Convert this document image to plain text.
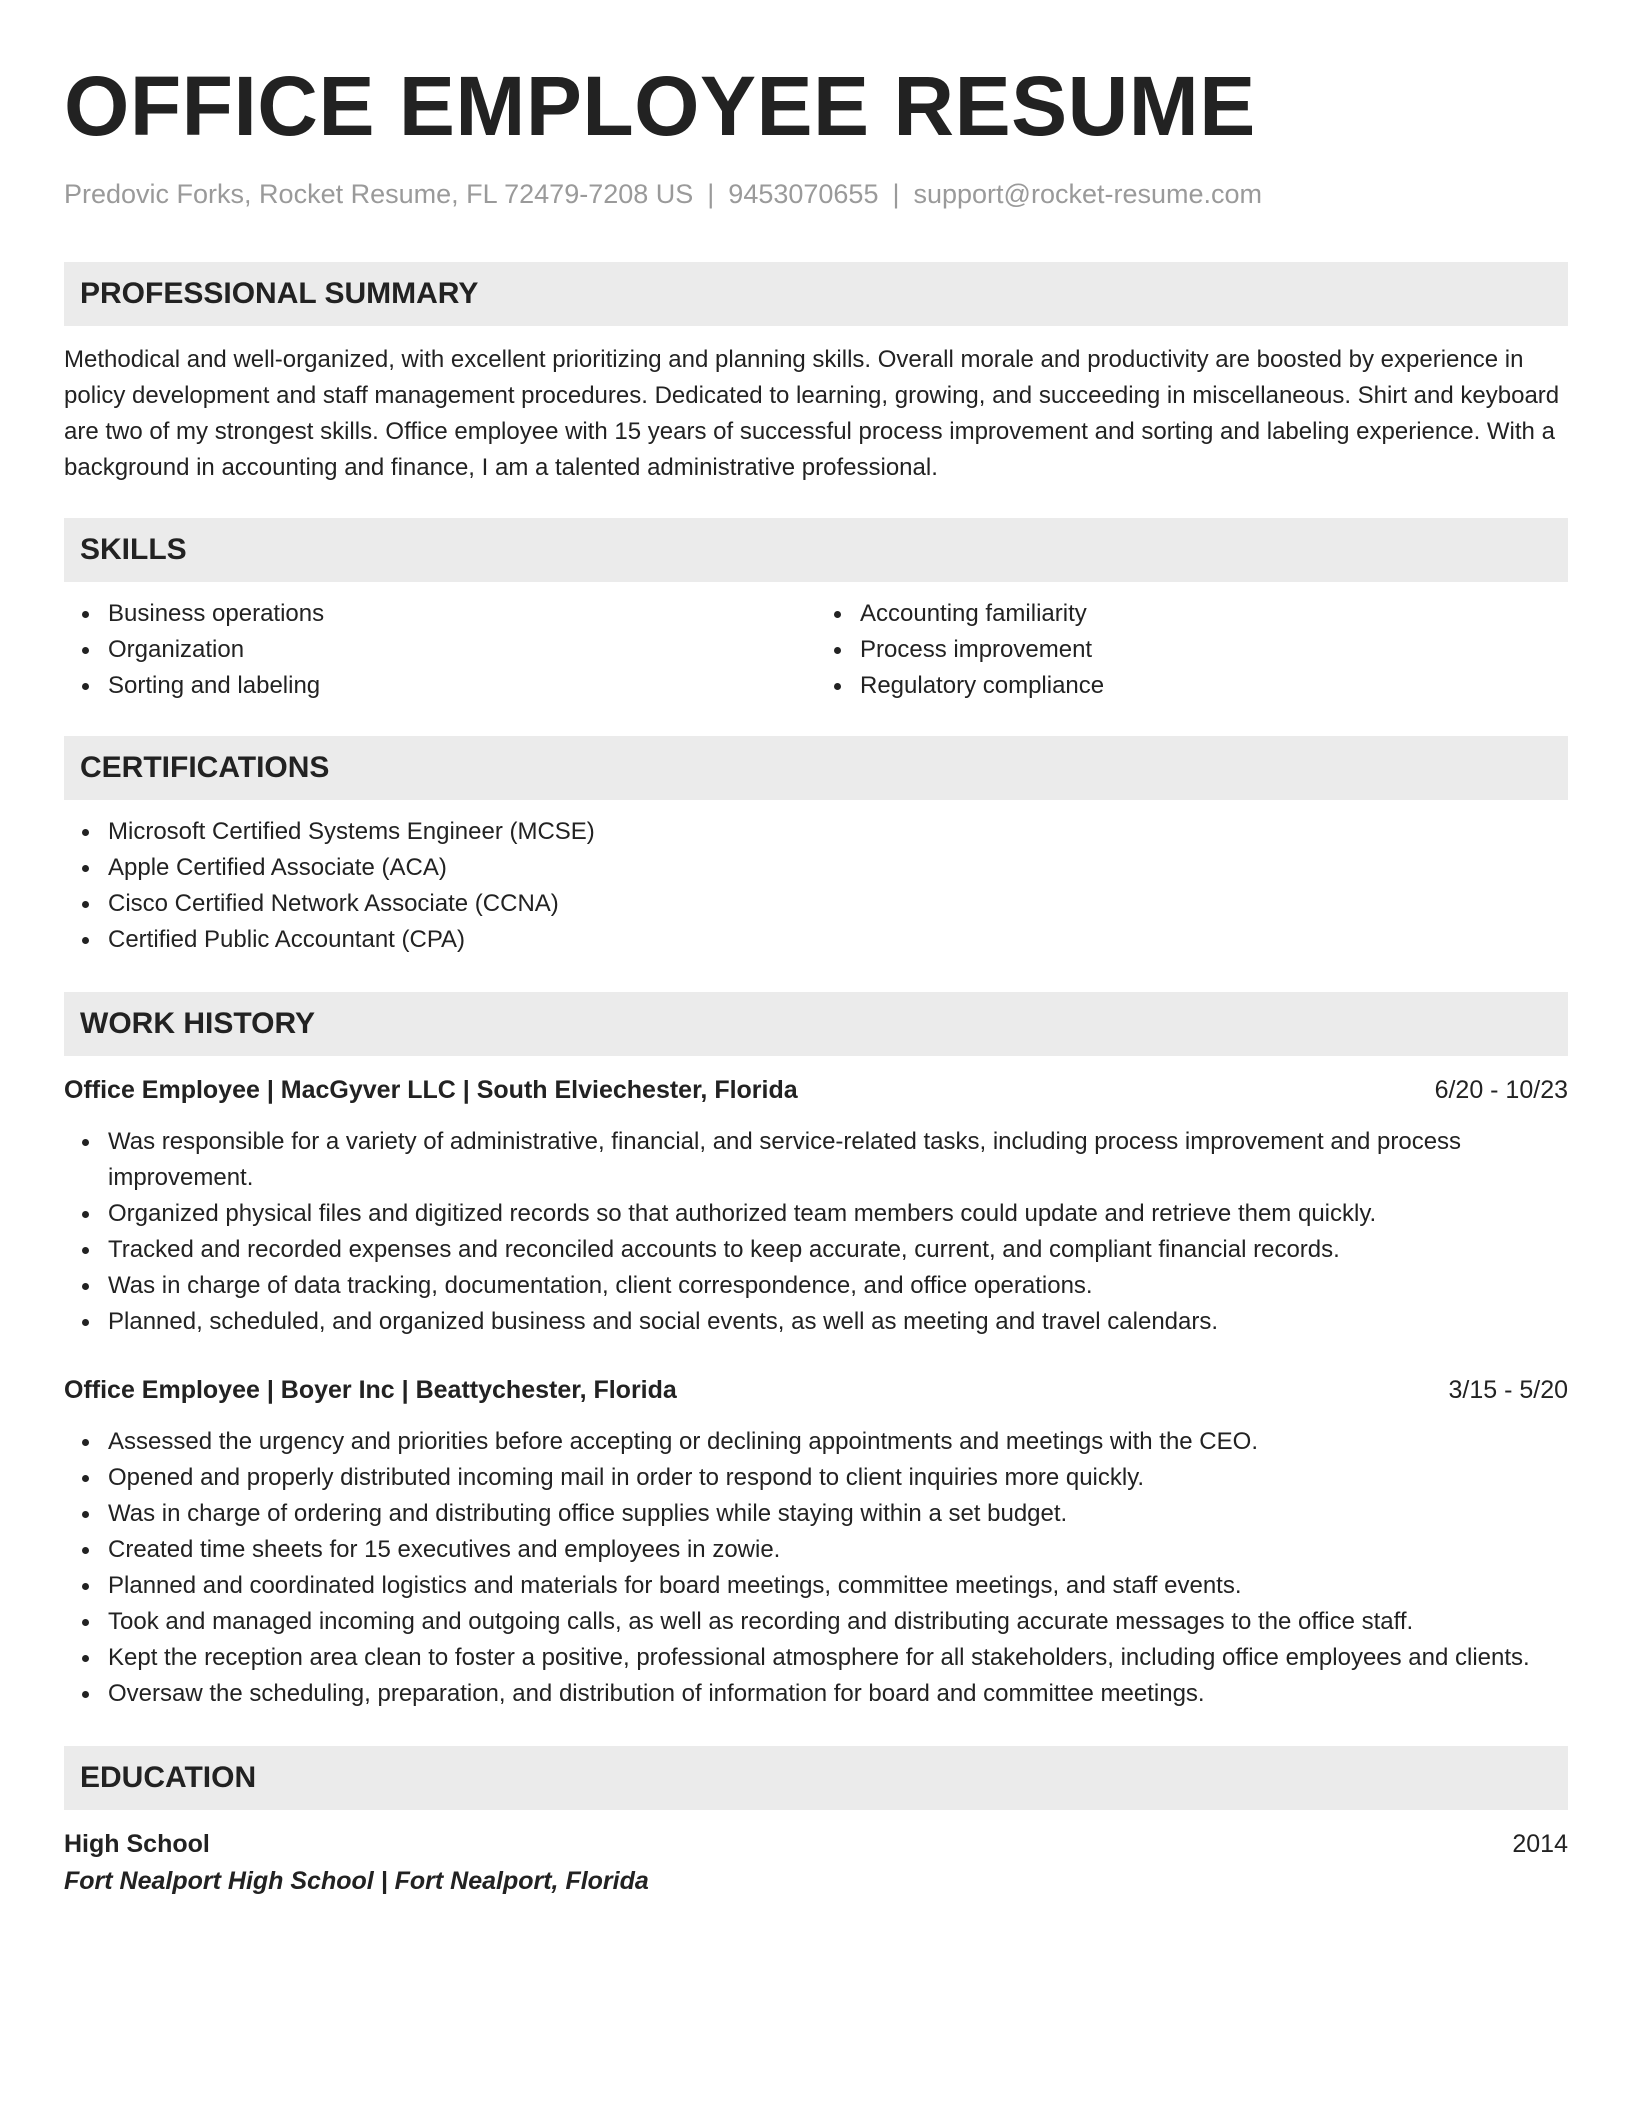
OFFICE EMPLOYEE RESUME
Predovic Forks, Rocket Resume, FL 72479-7208 US | 9453070655 | support@rocket-resume.com
PROFESSIONAL SUMMARY
Methodical and well-organized, with excellent prioritizing and planning skills. Overall morale and productivity are boosted by experience in policy development and staff management procedures. Dedicated to learning, growing, and succeeding in miscellaneous. Shirt and keyboard are two of my strongest skills. Office employee with 15 years of successful process improvement and sorting and labeling experience. With a background in accounting and finance, I am a talented administrative professional.
SKILLS
Business operations
Organization
Sorting and labeling
Accounting familiarity
Process improvement
Regulatory compliance
CERTIFICATIONS
Microsoft Certified Systems Engineer (MCSE)
Apple Certified Associate (ACA)
Cisco Certified Network Associate (CCNA)
Certified Public Accountant (CPA)
WORK HISTORY
Office Employee | MacGyver LLC | South Elviechester, Florida	6/20 - 10/23
Was responsible for a variety of administrative, financial, and service-related tasks, including process improvement and process improvement.
Organized physical files and digitized records so that authorized team members could update and retrieve them quickly.
Tracked and recorded expenses and reconciled accounts to keep accurate, current, and compliant financial records.
Was in charge of data tracking, documentation, client correspondence, and office operations.
Planned, scheduled, and organized business and social events, as well as meeting and travel calendars.
Office Employee | Boyer Inc | Beattychester, Florida	3/15 - 5/20
Assessed the urgency and priorities before accepting or declining appointments and meetings with the CEO.
Opened and properly distributed incoming mail in order to respond to client inquiries more quickly.
Was in charge of ordering and distributing office supplies while staying within a set budget.
Created time sheets for 15 executives and employees in zowie.
Planned and coordinated logistics and materials for board meetings, committee meetings, and staff events.
Took and managed incoming and outgoing calls, as well as recording and distributing accurate messages to the office staff.
Kept the reception area clean to foster a positive, professional atmosphere for all stakeholders, including office employees and clients.
Oversaw the scheduling, preparation, and distribution of information for board and committee meetings.
EDUCATION
High School	2014
Fort Nealport High School | Fort Nealport, Florida
